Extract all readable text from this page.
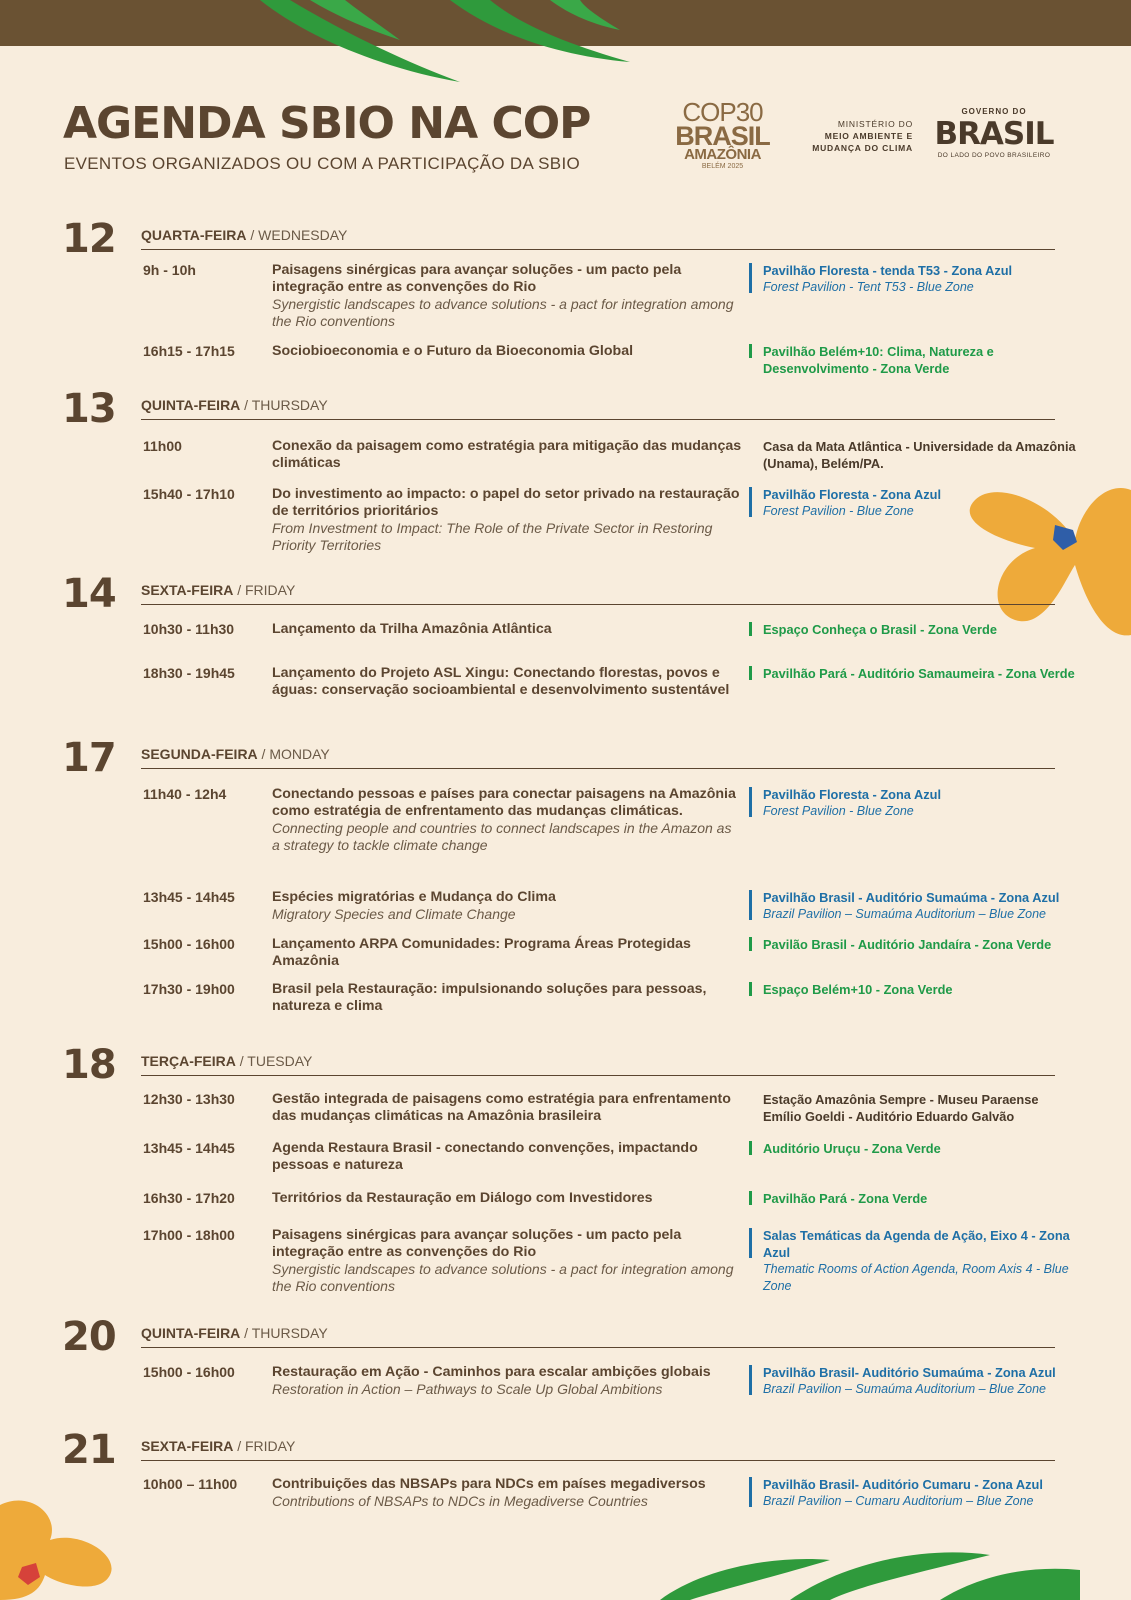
AGENDA SBIO NA COP
EVENTOS ORGANIZADOS OU COM A PARTICIPAÇÃO DA SBIO
COP30
BRASIL
AMAZÔNIA
BELÉM 2025
MINISTÉRIO DO
MEIO AMBIENTE E
MUDANÇA DO CLIMA
GOVERNO DO
BRASIL
DO LADO DO POVO BRASILEIRO
12 QUARTA-FEIRA / WEDNESDAY
9h - 10h	Paisagens sinérgicas para avançar soluções - um pacto pela integração entre as convenções do Rio
Synergistic landscapes to advance solutions - a pact for integration among the Rio conventions
Pavilhão Floresta - tenda T53 - Zona Azul
Forest Pavilion - Tent T53 - Blue Zone
16h15 - 17h15	Sociobioeconomia e o Futuro da Bioeconomia Global	Pavilhão Belém+10: Clima, Natureza e Desenvolvimento - Zona Verde
13 QUINTA-FEIRA / THURSDAY
11h00	Conexão da paisagem como estratégia para mitigação das mudanças climáticas
Casa da Mata Atlântica - Universidade da Amazônia (Unama), Belém/PA.
15h40 - 17h10	Do investimento ao impacto: o papel do setor privado na restauração de territórios prioritários
From Investment to Impact: The Role of the Private Sector in Restoring Priority Territories
Pavilhão Floresta - Zona Azul
Forest Pavilion - Blue Zone
14 SEXTA-FEIRA / FRIDAY
10h30 - 11h30	Lançamento da Trilha Amazônia Atlântica	Espaço Conheça o Brasil - Zona Verde
18h30 - 19h45	Lançamento do Projeto ASL Xingu: Conectando florestas, povos e águas: conservação socioambiental e desenvolvimento sustentável
Pavilhão Pará - Auditório Samaumeira - Zona Verde
17 SEGUNDA-FEIRA / MONDAY
11h40 - 12h4	Conectando pessoas e países para conectar paisagens na Amazônia como estratégia de enfrentamento das mudanças climáticas.
Connecting people and countries to connect landscapes in the Amazon as a strategy to tackle climate change
Pavilhão Floresta - Zona Azul
Forest Pavilion - Blue Zone
13h45 - 14h45	Espécies migratórias e Mudança do Clima
Migratory Species and Climate Change
Pavilhão Brasil - Auditório Sumaúma - Zona Azul
Brazil Pavilion – Sumaúma Auditorium – Blue Zone
15h00 - 16h00	Lançamento ARPA Comunidades: Programa Áreas Protegidas Amazônia
Pavilão Brasil - Auditório Jandaíra - Zona Verde
17h30 - 19h00	Brasil pela Restauração: impulsionando soluções para pessoas, natureza e clima
Espaço Belém+10 - Zona Verde
18 TERÇA-FEIRA / TUESDAY
12h30 - 13h30	Gestão integrada de paisagens como estratégia para enfrentamento das mudanças climáticas na Amazônia brasileira
Estação Amazônia Sempre - Museu Paraense Emílio Goeldi - Auditório Eduardo Galvão
13h45 - 14h45	Agenda Restaura Brasil - conectando convenções, impactando pessoas e natureza
Auditório Uruçu - Zona Verde
16h30 - 17h20	Territórios da Restauração em Diálogo com Investidores	Pavilhão Pará - Zona Verde
17h00 - 18h00	Paisagens sinérgicas para avançar soluções - um pacto pela integração entre as convenções do Rio
Synergistic landscapes to advance solutions - a pact for integration among the Rio conventions
Salas Temáticas da Agenda de Ação, Eixo 4 - Zona Azul
Thematic Rooms of Action Agenda, Room Axis 4 - Blue Zone
20 QUINTA-FEIRA / THURSDAY
15h00 - 16h00	Restauração em Ação - Caminhos para escalar ambições globais
Restoration in Action – Pathways to Scale Up Global Ambitions
Pavilhão Brasil- Auditório Sumaúma - Zona Azul
Brazil Pavilion – Sumaúma Auditorium – Blue Zone
21 SEXTA-FEIRA / FRIDAY
10h00 – 11h00 Contribuições das NBSAPs para NDCs em países megadiversos
Contributions of NBSAPs to NDCs in Megadiverse Countries
Pavilhão Brasil- Auditório Cumaru - Zona Azul
Brazil Pavilion – Cumaru Auditorium – Blue Zone
